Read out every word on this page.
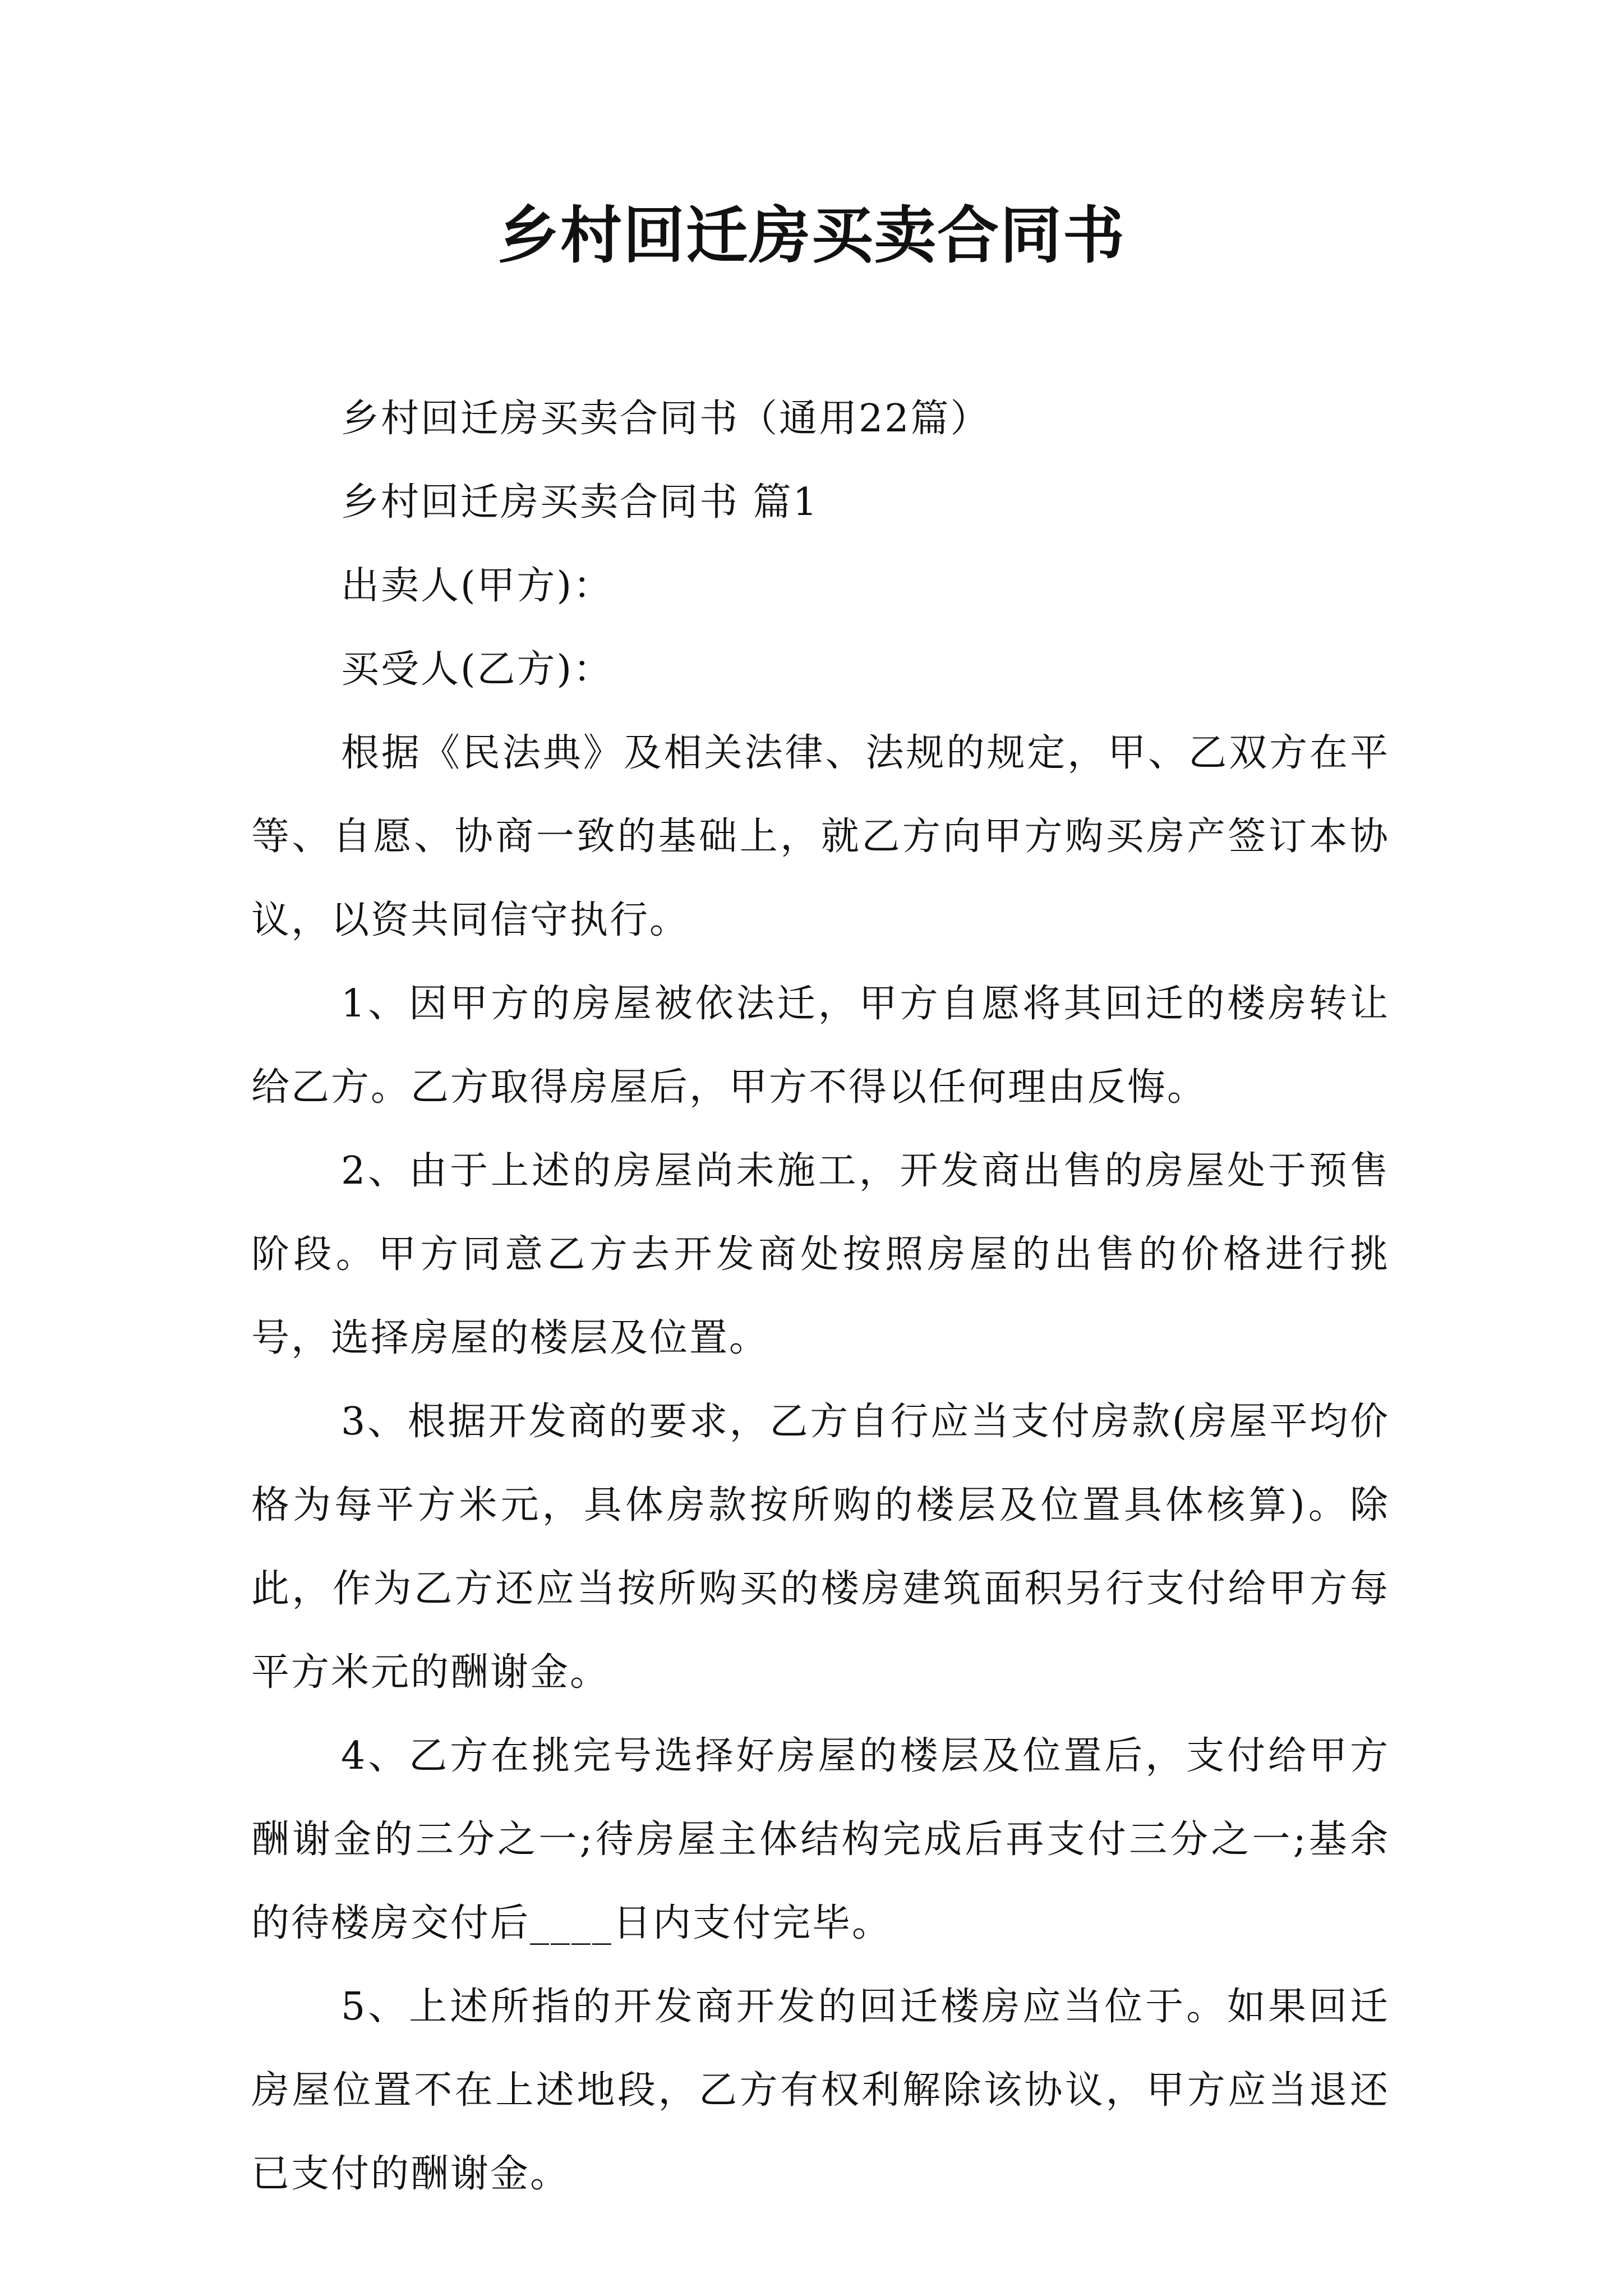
乡村回迁房买卖合同书

乡村回迁房买卖合同书（通用22篇）

乡村回迁房买卖合同书 篇1

出卖人(甲方)：

买受人(乙方)：

根据《民法典》及相关法律、法规的规定，甲、乙双方在平等、自愿、协商一致的基础上，就乙方向甲方购买房产签订本协议，以资共同信守执行。

1、因甲方的房屋被依法迁，甲方自愿将其回迁的楼房转让给乙方。乙方取得房屋后，甲方不得以任何理由反悔。

2、由于上述的房屋尚未施工，开发商出售的房屋处于预售阶段。甲方同意乙方去开发商处按照房屋的出售的价格进行挑号，选择房屋的楼层及位置。

3、根据开发商的要求，乙方自行应当支付房款(房屋平均价格为每平方米元，具体房款按所购的楼层及位置具体核算)。除此，作为乙方还应当按所购买的楼房建筑面积另行支付给甲方每平方米元的酬谢金。

4、乙方在挑完号选择好房屋的楼层及位置后，支付给甲方酬谢金的三分之一;待房屋主体结构完成后再支付三分之一;基余的待楼房交付后____日内支付完毕。

5、上述所指的开发商开发的回迁楼房应当位于。如果回迁房屋位置不在上述地段，乙方有权利解除该协议，甲方应当退还已支付的酬谢金。
